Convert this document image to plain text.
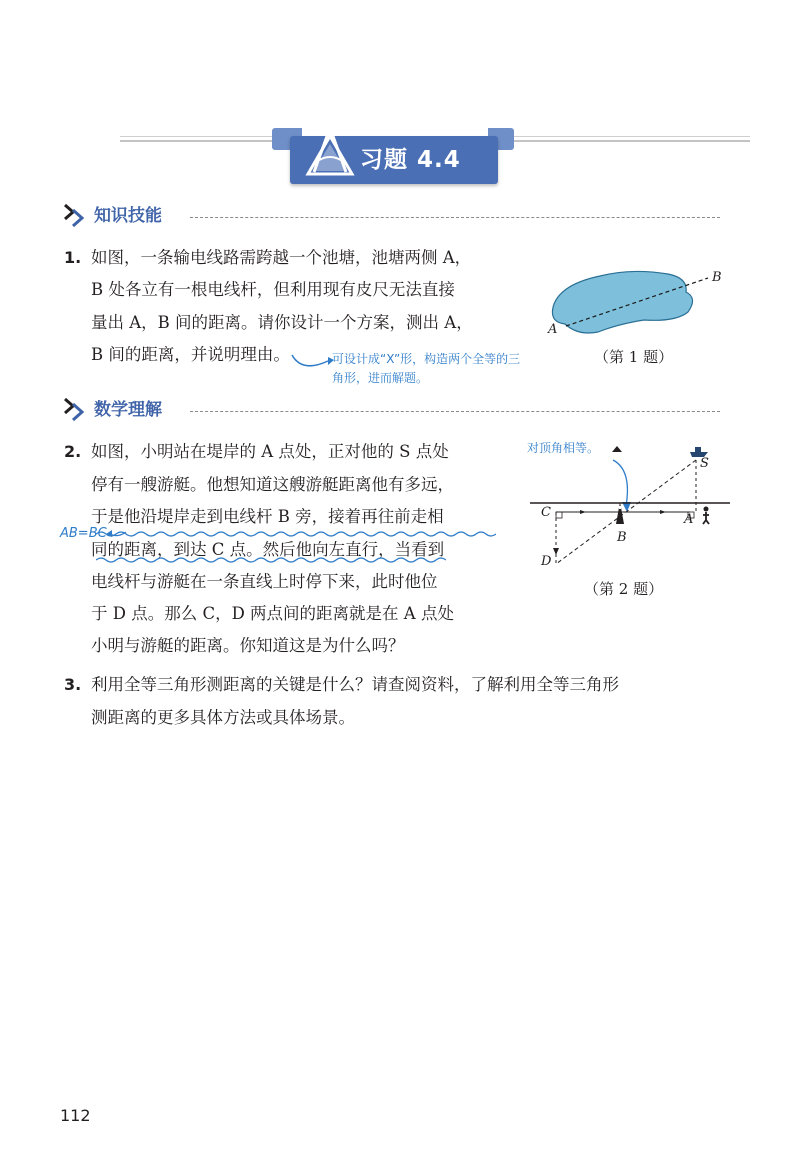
习题 4.4
知识技能
1. 如图，一条输电线路需跨越一个池塘，池塘两侧 A，
B 处各立有一根电线杆，但利用现有皮尺无法直接
量出 A，B 间的距离。请你设计一个方案，测出 A，
B 间的距离，并说明理由。	可设计成“X”形，构造两个全等的三
角形，进而解题。
A
B
（第 1 题）
数学理解
2. 如图，小明站在堤岸的 A 点处，正对他的 S 点处
停有一艘游艇。他想知道这艘游艇距离他有多远，
于是他沿堤岸走到电线杆 B 旁，接着再往前走相
同的距离，到达 C 点。然后他向左直行，当看到
电线杆与游艇在一条直线上时停下来，此时他位
于 D 点。那么 C，D 两点间的距离就是在 A 点处
小明与游艇的距离。你知道这是为什么吗？
AB=BC
对顶角相等。
S
C	A
B
D
（第 2 题）
3. 利用全等三角形测距离的关键是什么？请查阅资料，了解利用全等三角形
测距离的更多具体方法或具体场景。
112
